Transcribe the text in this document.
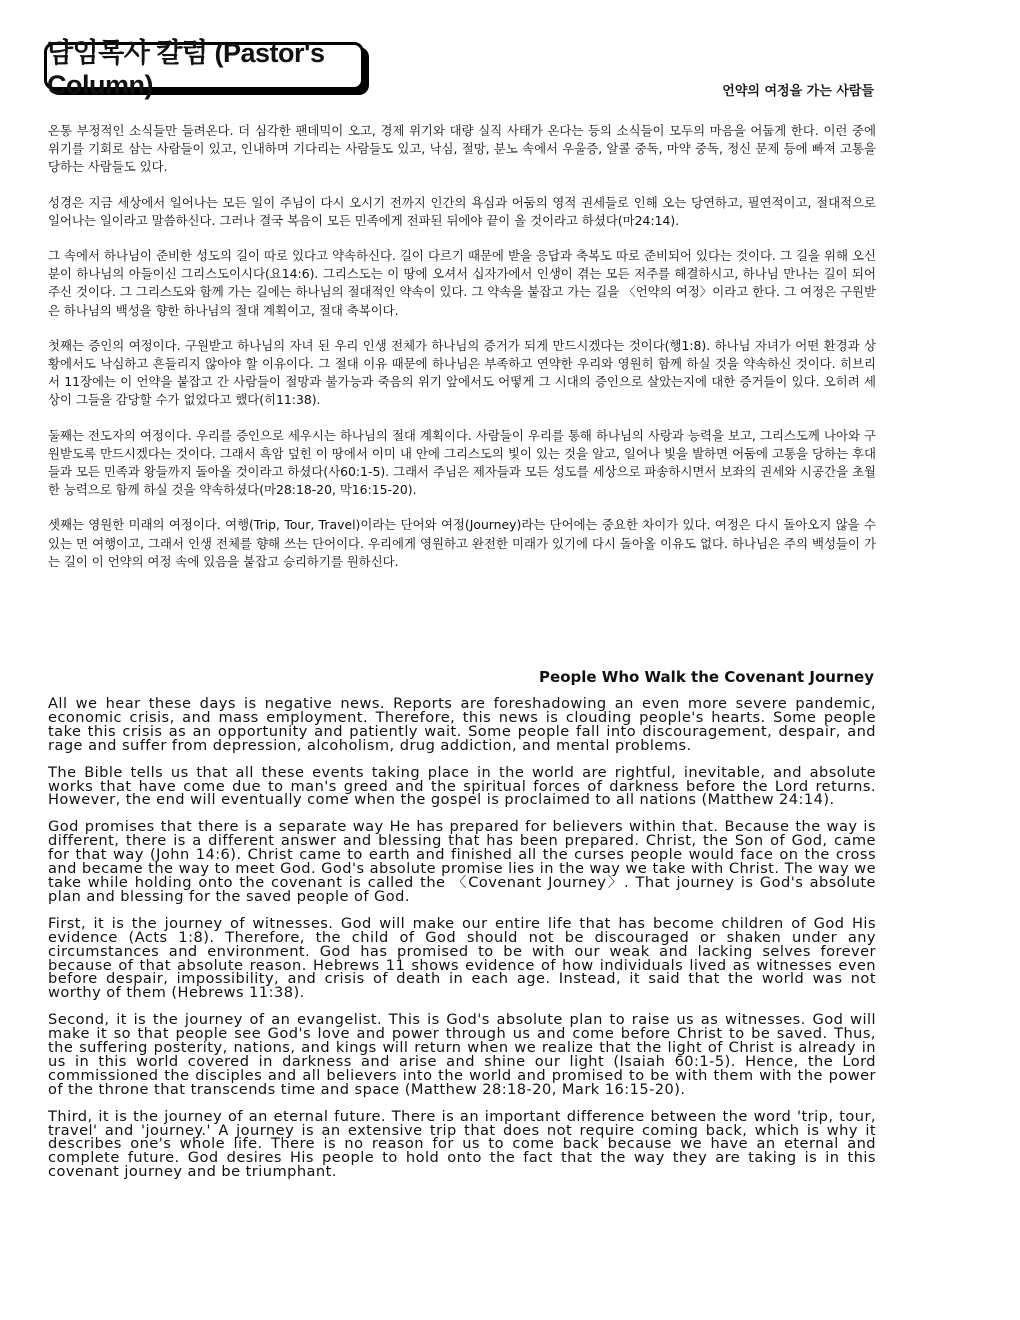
담임목사 칼럼 (Pastor's Column)	언약의 여정을 가는 사람들

온통 부정적인 소식들만 들려온다. 더 심각한 팬데믹이 오고, 경제 위기와 대량 실직 사태가 온다는 등의 소식들이 모두의 마음을 어둡게 한다. 이런 중에 위기를 기회로 삼는 사람들이 있고, 인내하며 기다리는 사람들도 있고, 낙심, 절망, 분노 속에서 우울증, 알콜 중독, 마약 중독, 정신 문제 등에 빠져 고통을 당하는 사람들도 있다.

성경은 지금 세상에서 일어나는 모든 일이 주님이 다시 오시기 전까지 인간의 욕심과 어둠의 영적 권세들로 인해 오는 당연하고, 필연적이고, 절대적으로 일어나는 일이라고 말씀하신다. 그러나 결국 복음이 모든 민족에게 전파된 뒤에야 끝이 올 것이라고 하셨다(마24:14).

그 속에서 하나님이 준비한 성도의 길이 따로 있다고 약속하신다. 길이 다르기 때문에 받을 응답과 축복도 따로 준비되어 있다는 것이다. 그 길을 위해 오신 분이 하나님의 아들이신 그리스도이시다(요14:6). 그리스도는 이 땅에 오셔서 십자가에서 인생이 겪는 모든 저주를 해결하시고, 하나님 만나는 길이 되어주신 것이다. 그 그리스도와 함께 가는 길에는 하나님의 절대적인 약속이 있다. 그 약속을 붙잡고 가는 길을 〈언약의 여정〉이라고 한다. 그 여정은 구원받은 하나님의 백성을 향한 하나님의 절대 계획이고, 절대 축복이다.

첫째는 증인의 여정이다. 구원받고 하나님의 자녀 된 우리 인생 전체가 하나님의 증거가 되게 만드시겠다는 것이다(행1:8). 하나님 자녀가 어떤 환경과 상황에서도 낙심하고 흔들리지 않아야 할 이유이다. 그 절대 이유 때문에 하나님은 부족하고 연약한 우리와 영원히 함께 하실 것을 약속하신 것이다. 히브리서 11장에는 이 언약을 붙잡고 간 사람들이 절망과 불가능과 죽음의 위기 앞에서도 어떻게 그 시대의 증인으로 살았는지에 대한 증거들이 있다. 오히려 세상이 그들을 감당할 수가 없었다고 했다(히11:38).

둘째는 전도자의 여정이다. 우리를 증인으로 세우시는 하나님의 절대 계획이다. 사람들이 우리를 통해 하나님의 사랑과 능력을 보고, 그리스도께 나아와 구원받도록 만드시겠다는 것이다. 그래서 흑암 덮힌 이 땅에서 이미 내 안에 그리스도의 빛이 있는 것을 알고, 일어나 빛을 발하면 어둠에 고통을 당하는 후대들과 모든 민족과 왕들까지 돌아올 것이라고 하셨다(사60:1-5). 그래서 주님은 제자들과 모든 성도를 세상으로 파송하시면서 보좌의 권세와 시공간을 초월한 능력으로 함께 하실 것을 약속하셨다(마28:18-20, 막16:15-20).

셋째는 영원한 미래의 여정이다. 여행(Trip, Tour, Travel)이라는 단어와 여정(Journey)라는 단어에는 중요한 차이가 있다. 여정은 다시 돌아오지 않을 수 있는 먼 여행이고, 그래서 인생 전체를 향해 쓰는 단어이다. 우리에게 영원하고 완전한 미래가 있기에 다시 돌아올 이유도 없다. 하나님은 주의 백성들이 가는 길이 이 언약의 여정 속에 있음을 붙잡고 승리하기를 원하신다.

People Who Walk the Covenant Journey

All we hear these days is negative news. Reports are foreshadowing an even more severe pandemic, economic crisis, and mass employment. Therefore, this news is clouding people's hearts. Some people take this crisis as an opportunity and patiently wait. Some people fall into discouragement, despair, and rage and suffer from depression, alcoholism, drug addiction, and mental problems.

The Bible tells us that all these events taking place in the world are rightful, inevitable, and absolute works that have come due to man's greed and the spiritual forces of darkness before the Lord returns. However, the end will eventually come when the gospel is proclaimed to all nations (Matthew 24:14).

God promises that there is a separate way He has prepared for believers within that. Because the way is different, there is a different answer and blessing that has been prepared. Christ, the Son of God, came for that way (John 14:6). Christ came to earth and finished all the curses people would face on the cross and became the way to meet God. God's absolute promise lies in the way we take with Christ. The way we take while holding onto the covenant is called the 〈Covenant Journey〉. That journey is God's absolute plan and blessing for the saved people of God.

First, it is the journey of witnesses. God will make our entire life that has become children of God His evidence (Acts 1:8). Therefore, the child of God should not be discouraged or shaken under any circumstances and environment. God has promised to be with our weak and lacking selves forever because of that absolute reason. Hebrews 11 shows evidence of how individuals lived as witnesses even before despair, impossibility, and crisis of death in each age. Instead, it said that the world was not worthy of them (Hebrews 11:38).

Second, it is the journey of an evangelist. This is God's absolute plan to raise us as witnesses. God will make it so that people see God's love and power through us and come before Christ to be saved. Thus, the suffering posterity, nations, and kings will return when we realize that the light of Christ is already in us in this world covered in darkness and arise and shine our light (Isaiah 60:1-5). Hence, the Lord commissioned the disciples and all believers into the world and promised to be with them with the power of the throne that transcends time and space (Matthew 28:18-20, Mark 16:15-20).

Third, it is the journey of an eternal future. There is an important difference between the word 'trip, tour, travel' and 'journey.' A journey is an extensive trip that does not require coming back, which is why it describes one's whole life. There is no reason for us to come back because we have an eternal and complete future. God desires His people to hold onto the fact that the way they are taking is in this covenant journey and be triumphant.
